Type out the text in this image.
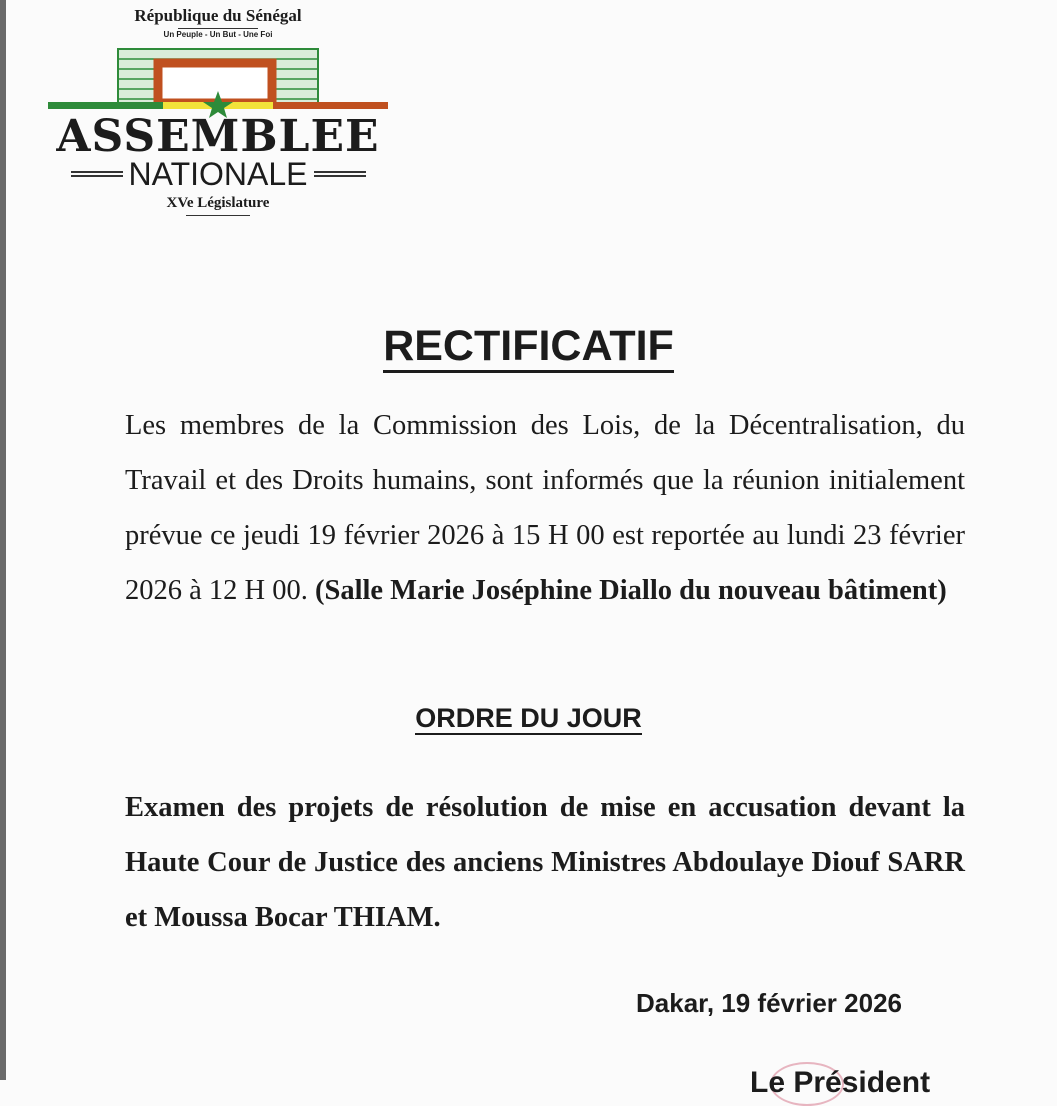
République du Sénégal
Un Peuple - Un But - Une Foi
ASSEMBLEE
NATIONALE
XVe Législature
RECTIFICATIF
Les membres de la Commission des Lois, de la Décentralisation, du Travail et des Droits humains, sont informés que la réunion initialement prévue ce jeudi 19 février 2026 à 15 H 00 est reportée au lundi 23 février 2026 à 12 H 00. (Salle Marie Joséphine Diallo du nouveau bâtiment)
ORDRE DU JOUR
Examen des projets de résolution de mise en accusation devant la Haute Cour de Justice des anciens Ministres Abdoulaye Diouf SARR et Moussa Bocar THIAM.
Dakar, 19 février 2026
Le Président
